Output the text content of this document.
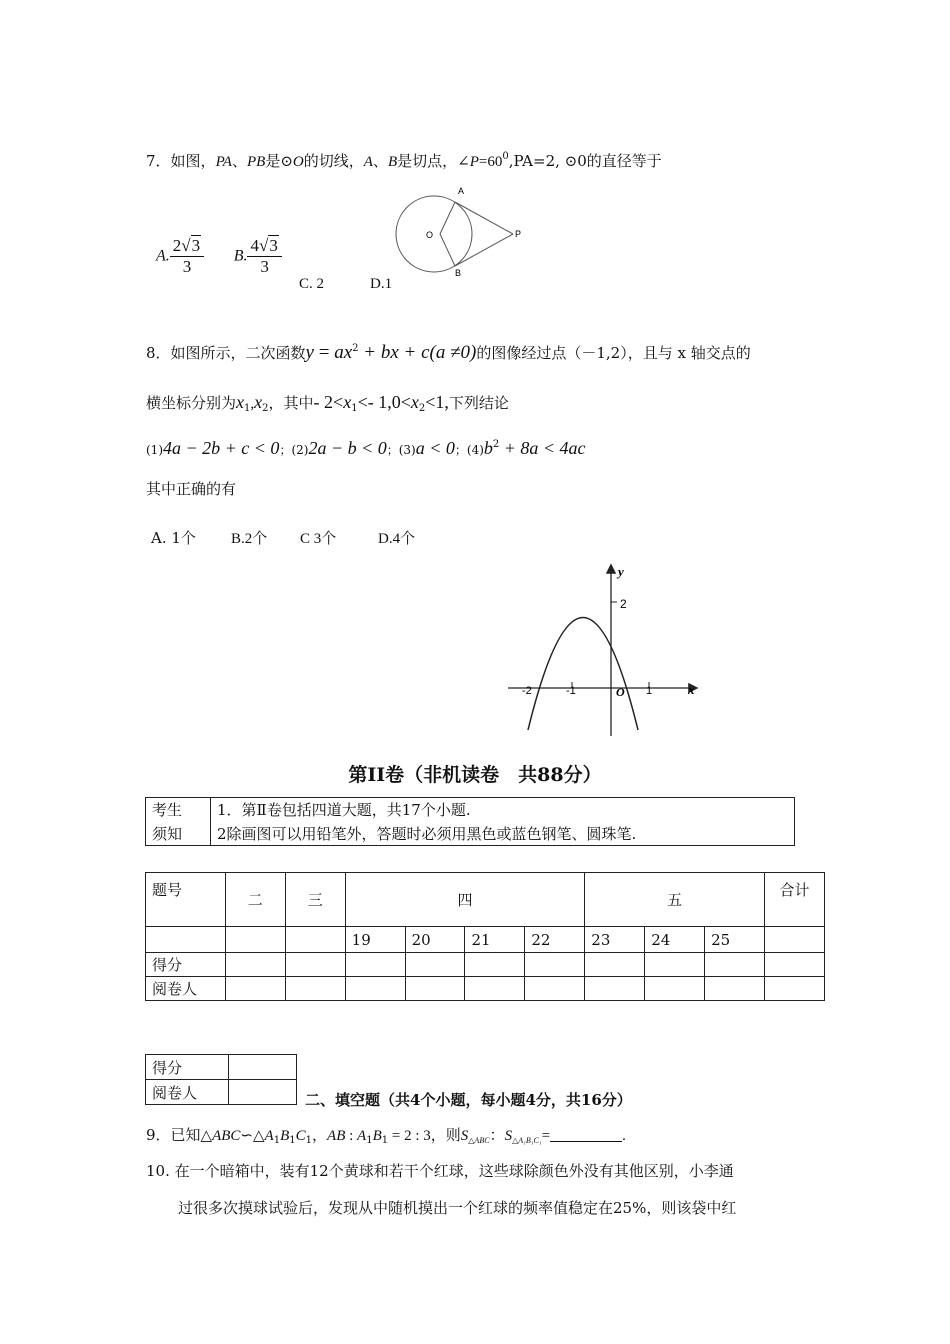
7．如图，PA、PB是⊙O的切线，A、B是切点，$\angle P=60^0,PA=2$, ⊙0的直径等于
A
O	P
B
A. $\frac{2√3}{3} B$. $\frac{4√3}{3}$
C. 2	D.1
8．如图所示，二次函数$y = ax^2$ + bx + c(a ≠0)的图像经过点（－1,2），且与 x 轴交点的
横坐标分别为$x_1,x_2$，其中- $2<x_1<-$ $1,0<x_2<1$,下列结论
(1)4a − 2b + c < 0；(2)2a − b < 0；(3)a < 0；$(4)b^2 + 8a < 4ac$
其中正确的有
A. 1个 B.2个 C 3个	D.4个
y
2
-2	-1	O 1	x
第II卷（非机读卷　共88分）
考生	1．第Ⅱ卷包括四道大题，共17个小题.
须知	2除画图可以用铅笔外，答题时必须用黑色或蓝色钢笔、圆珠笔.
题号	二	三	四				五			合计
			19	20	21	22	23	24	25	
得分										
阅卷人										
得分	
阅卷人		二、填空题（共4个小题，每小题4分，共16分）
9．已知$\triangle ABC∽\triangle A_1B_1C_1$，AB : $A_1B_1 = 2$ : 3，则$S_{\triangle ABC}$：$S_{\triangle A_1B_1C_1}=$	.
10. 在一个暗箱中，装有12个黄球和若干个红球，这些球除颜色外没有其他区别，小李通
过很多次摸球试验后，发现从中随机摸出一个红球的频率值稳定在25%，则该袋中红
